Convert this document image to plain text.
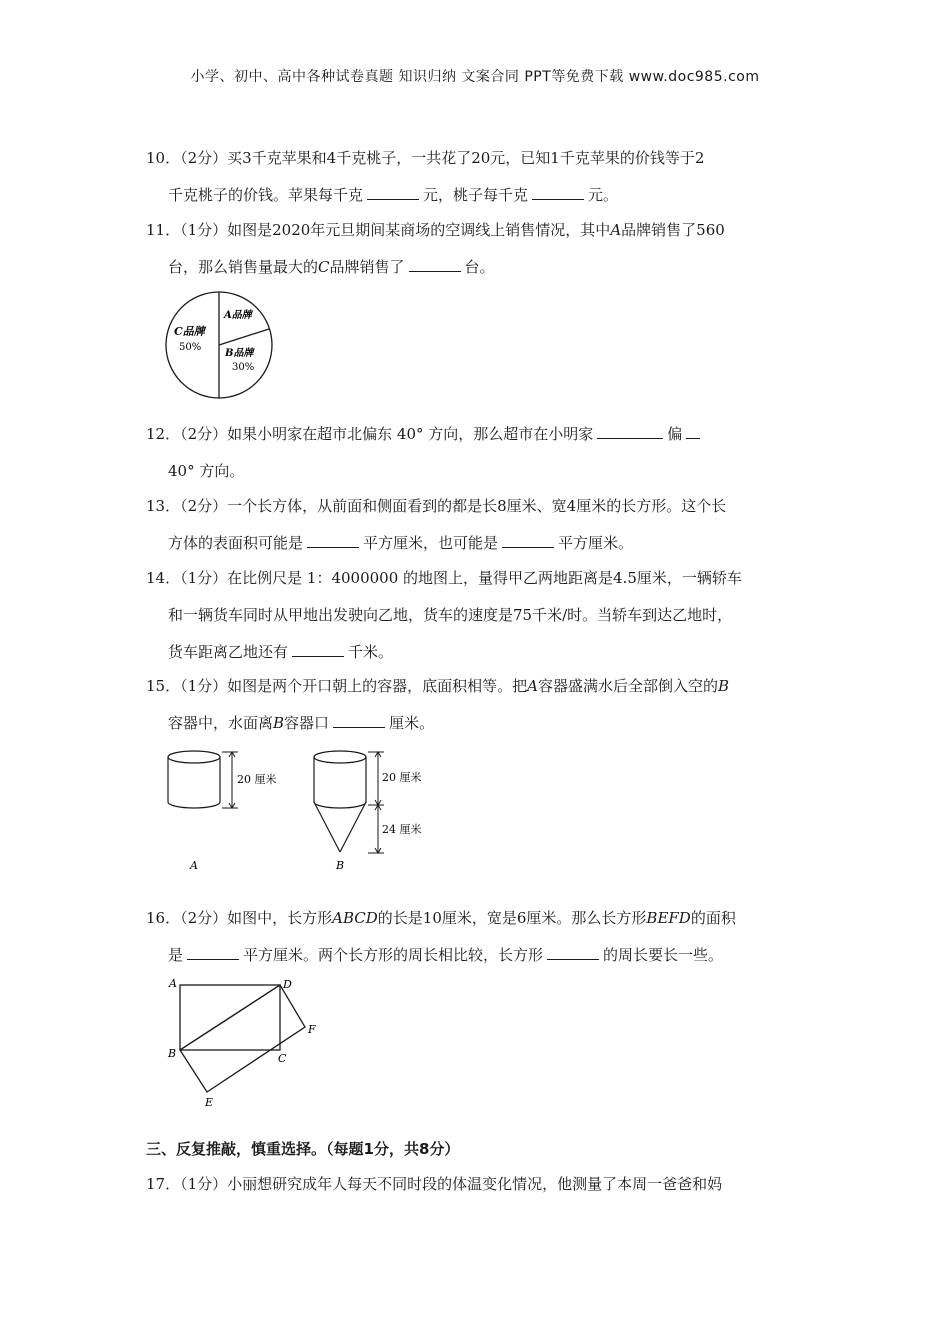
小学、初中、高中各种试卷真题 知识归纳 文案合同 PPT等免费下载 www.doc985.com
10．（2分）买3千克苹果和4千克桃子，一共花了20元，已知1千克苹果的价钱等于2
千克桃子的价钱。苹果每千克	元，桃子每千克	元。
11．（1分）如图是2020年元旦期间某商场的空调线上销售情况，其中A品牌销售了560
台，那么销售量最大的C品牌销售了	台。
C品牌
50%
A品牌
B品牌
30%
12．（2分）如果小明家在超市北偏东 40° 方向，那么超市在小明家	偏
40° 方向。
13．（2分）一个长方体，从前面和侧面看到的都是长8厘米、宽4厘米的长方形。这个长
方体的表面积可能是	平方厘米，也可能是	平方厘米。
14．（1分）在比例尺是 1：4000000 的地图上，量得甲乙两地距离是4.5厘米，一辆轿车
和一辆货车同时从甲地出发驶向乙地，货车的速度是75千米/时。当轿车到达乙地时，
货车距离乙地还有	千米。
15．（1分）如图是两个开口朝上的容器，底面积相等。把A容器盛满水后全部倒入空的B
容器中，水面离B容器口	厘米。
20 厘米
A
20 厘米
24 厘米
B
16．（2分）如图中，长方形ABCD的长是10厘米，宽是6厘米。那么长方形BEFD的面积
是	平方厘米。两个长方形的周长相比较，长方形	的周长要长一些。
A
B	C
D
E
F
三、反复推敲，慎重选择。（每题1分，共8分）
17．（1分）小丽想研究成年人每天不同时段的体温变化情况，他测量了本周一爸爸和妈
